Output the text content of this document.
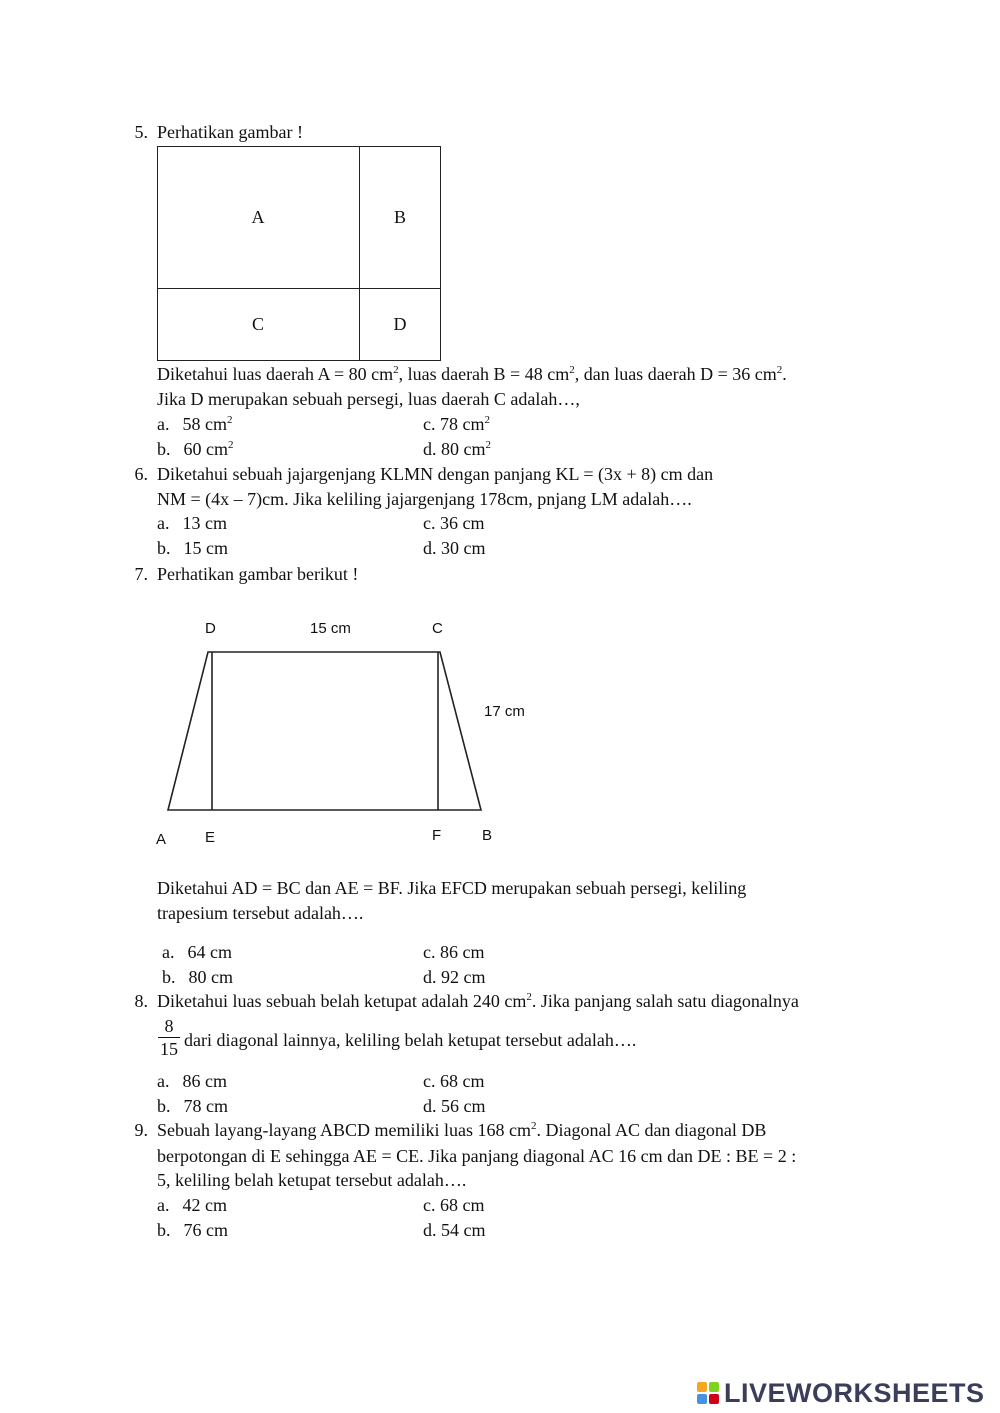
5. Perhatikan gambar !
A	B
C	D
Diketahui luas daerah A = 80 $cm^2$, luas daerah B = 48 $cm^2$, dan luas daerah D = 36 $cm^2$.
Jika D merupakan sebuah persegi, luas daerah C adalah…,
a. 58 $cm^2$	c. 78 $cm^2$
b. 60 $cm^2$	d. 80 $cm^2$
6. Diketahui sebuah jajargenjang KLMN dengan panjang KL = (3x + 8) cm dan
NM = (4x – 7)cm. Jika keliling jajargenjang 178cm, pnjang LM adalah….
a. 13 cm	c. 36 cm
b. 15 cm	d. 30 cm
7. Perhatikan gambar berikut !
D	15 cm	C
17 cm
A	E	F	B
Diketahui AD = BC dan AE = BF. Jika EFCD merupakan sebuah persegi, keliling
trapesium tersebut adalah….
a. 64 cm	c. 86 cm
b. 80 cm	d. 92 cm
8. Diketahui luas sebuah belah ketupat adalah 240 $cm^2$. Jika panjang salah satu diagonalnya
8
15 dari diagonal lainnya, keliling belah ketupat tersebut adalah….
a. 86 cm	c. 68 cm
b. 78 cm	d. 56 cm
9. Sebuah layang-layang ABCD memiliki luas 168 $cm^2$. Diagonal AC dan diagonal DB
berpotongan di E sehingga AE = CE. Jika panjang diagonal AC 16 cm dan DE : BE = 2 :
5, keliling belah ketupat tersebut adalah….
a. 42 cm	c. 68 cm
b. 76 cm	d. 54 cm
LIVEWORKSHEETS
